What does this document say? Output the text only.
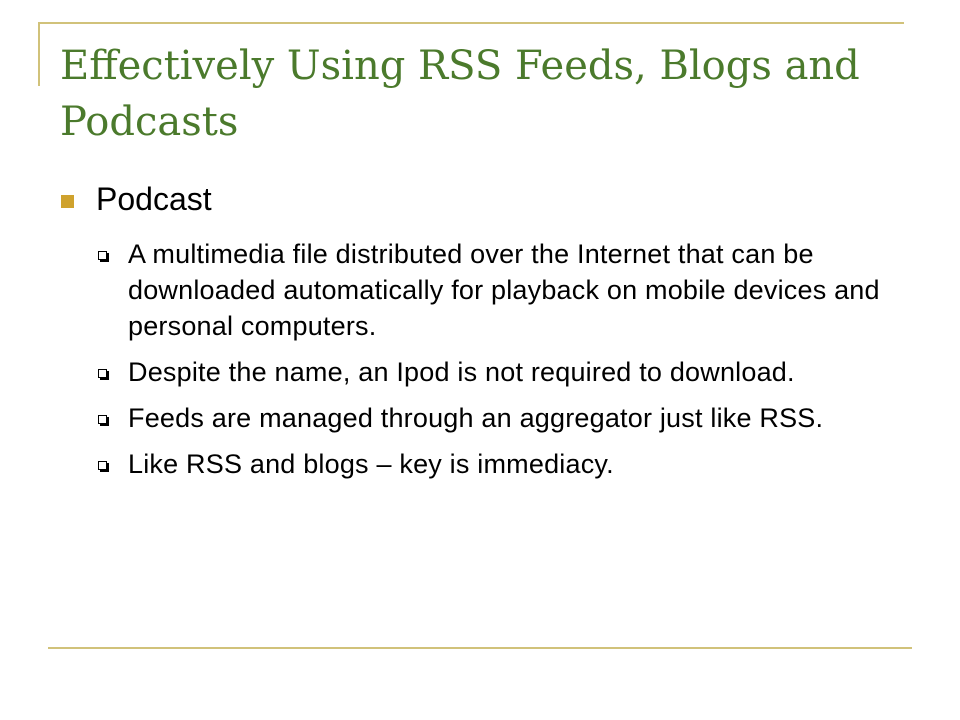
Effectively Using RSS Feeds, Blogs and Podcasts
Podcast
A multimedia file distributed over the Internet that can be downloaded automatically for playback on mobile devices and personal computers.
Despite the name, an Ipod is not required to download.
Feeds are managed through an aggregator just like RSS.
Like RSS and blogs – key is immediacy.
